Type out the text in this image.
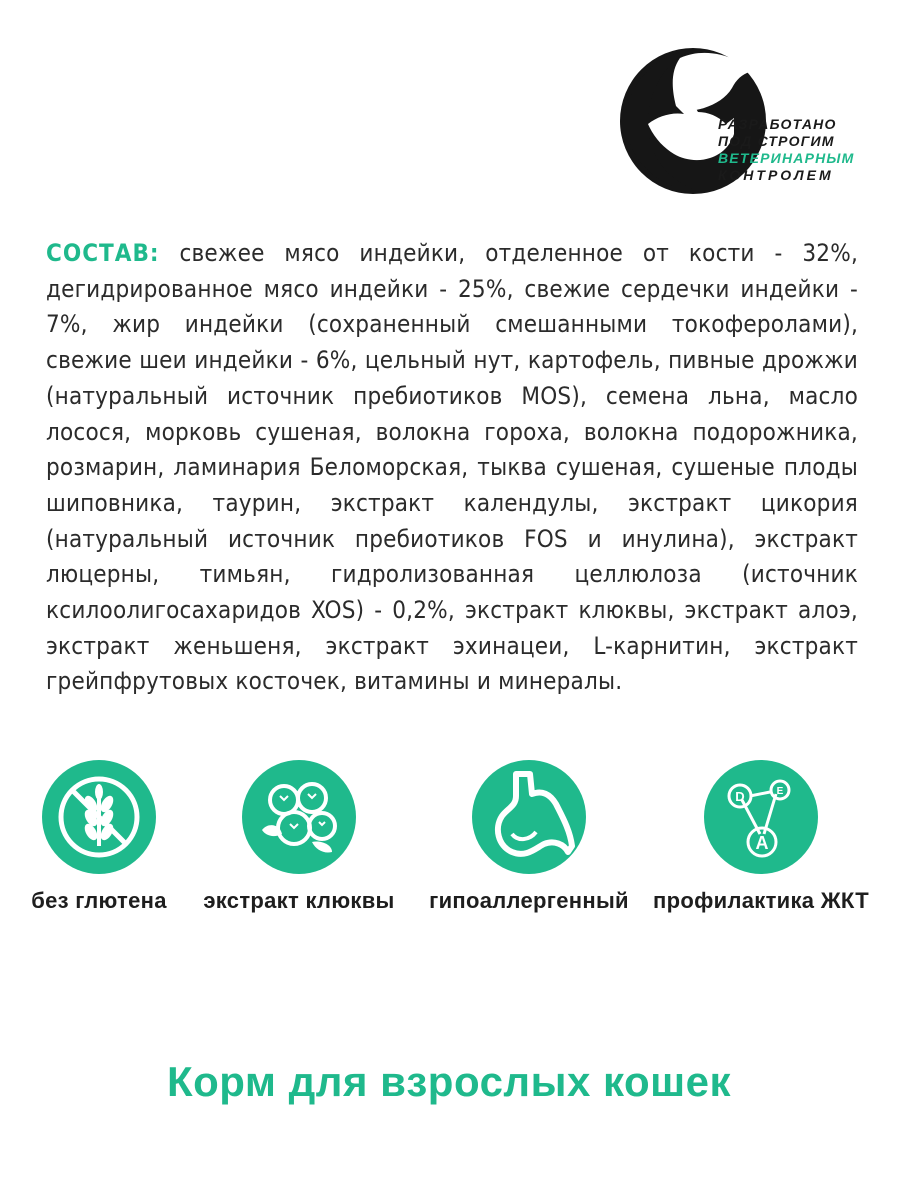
РАЗРАБОТАНО
ПОД СТРОГИМ
ВЕТЕРИНАРНЫМ
КОНТРОЛЕМ
СОСТАВ: свежее мясо индейки, отделенное от кости - 32%, дегидрированное мясо индейки - 25%, свежие сердечки индейки - 7%, жир индейки (сохраненный смешанными токоферолами), свежие шеи индейки - 6%, цельный нут, картофель, пивные дрожжи (натуральный источник пребиотиков MOS), семена льна, масло лосося, морковь сушеная, волокна гороха, волокна подорожника, розмарин, ламинария Беломорская, тыква сушеная, сушеные плоды шиповника, таурин, экстракт календулы, экстракт цикория (натуральный источник пребиотиков FOS и инулина), экстракт люцерны, тимьян, гидролизованная целлюлоза (источник ксилоолигосахаридов XOS) - 0,2%, экстракт клюквы, экстракт алоэ, экстракт женьшеня, экстракт эхинацеи, L-карнитин, экстракт грейпфрутовых косточек, витамины и минералы.
без глютена	экстракт клюквы	гипоаллергенный
D	E
A
профилактика ЖКТ
Корм для взрослых кошек
